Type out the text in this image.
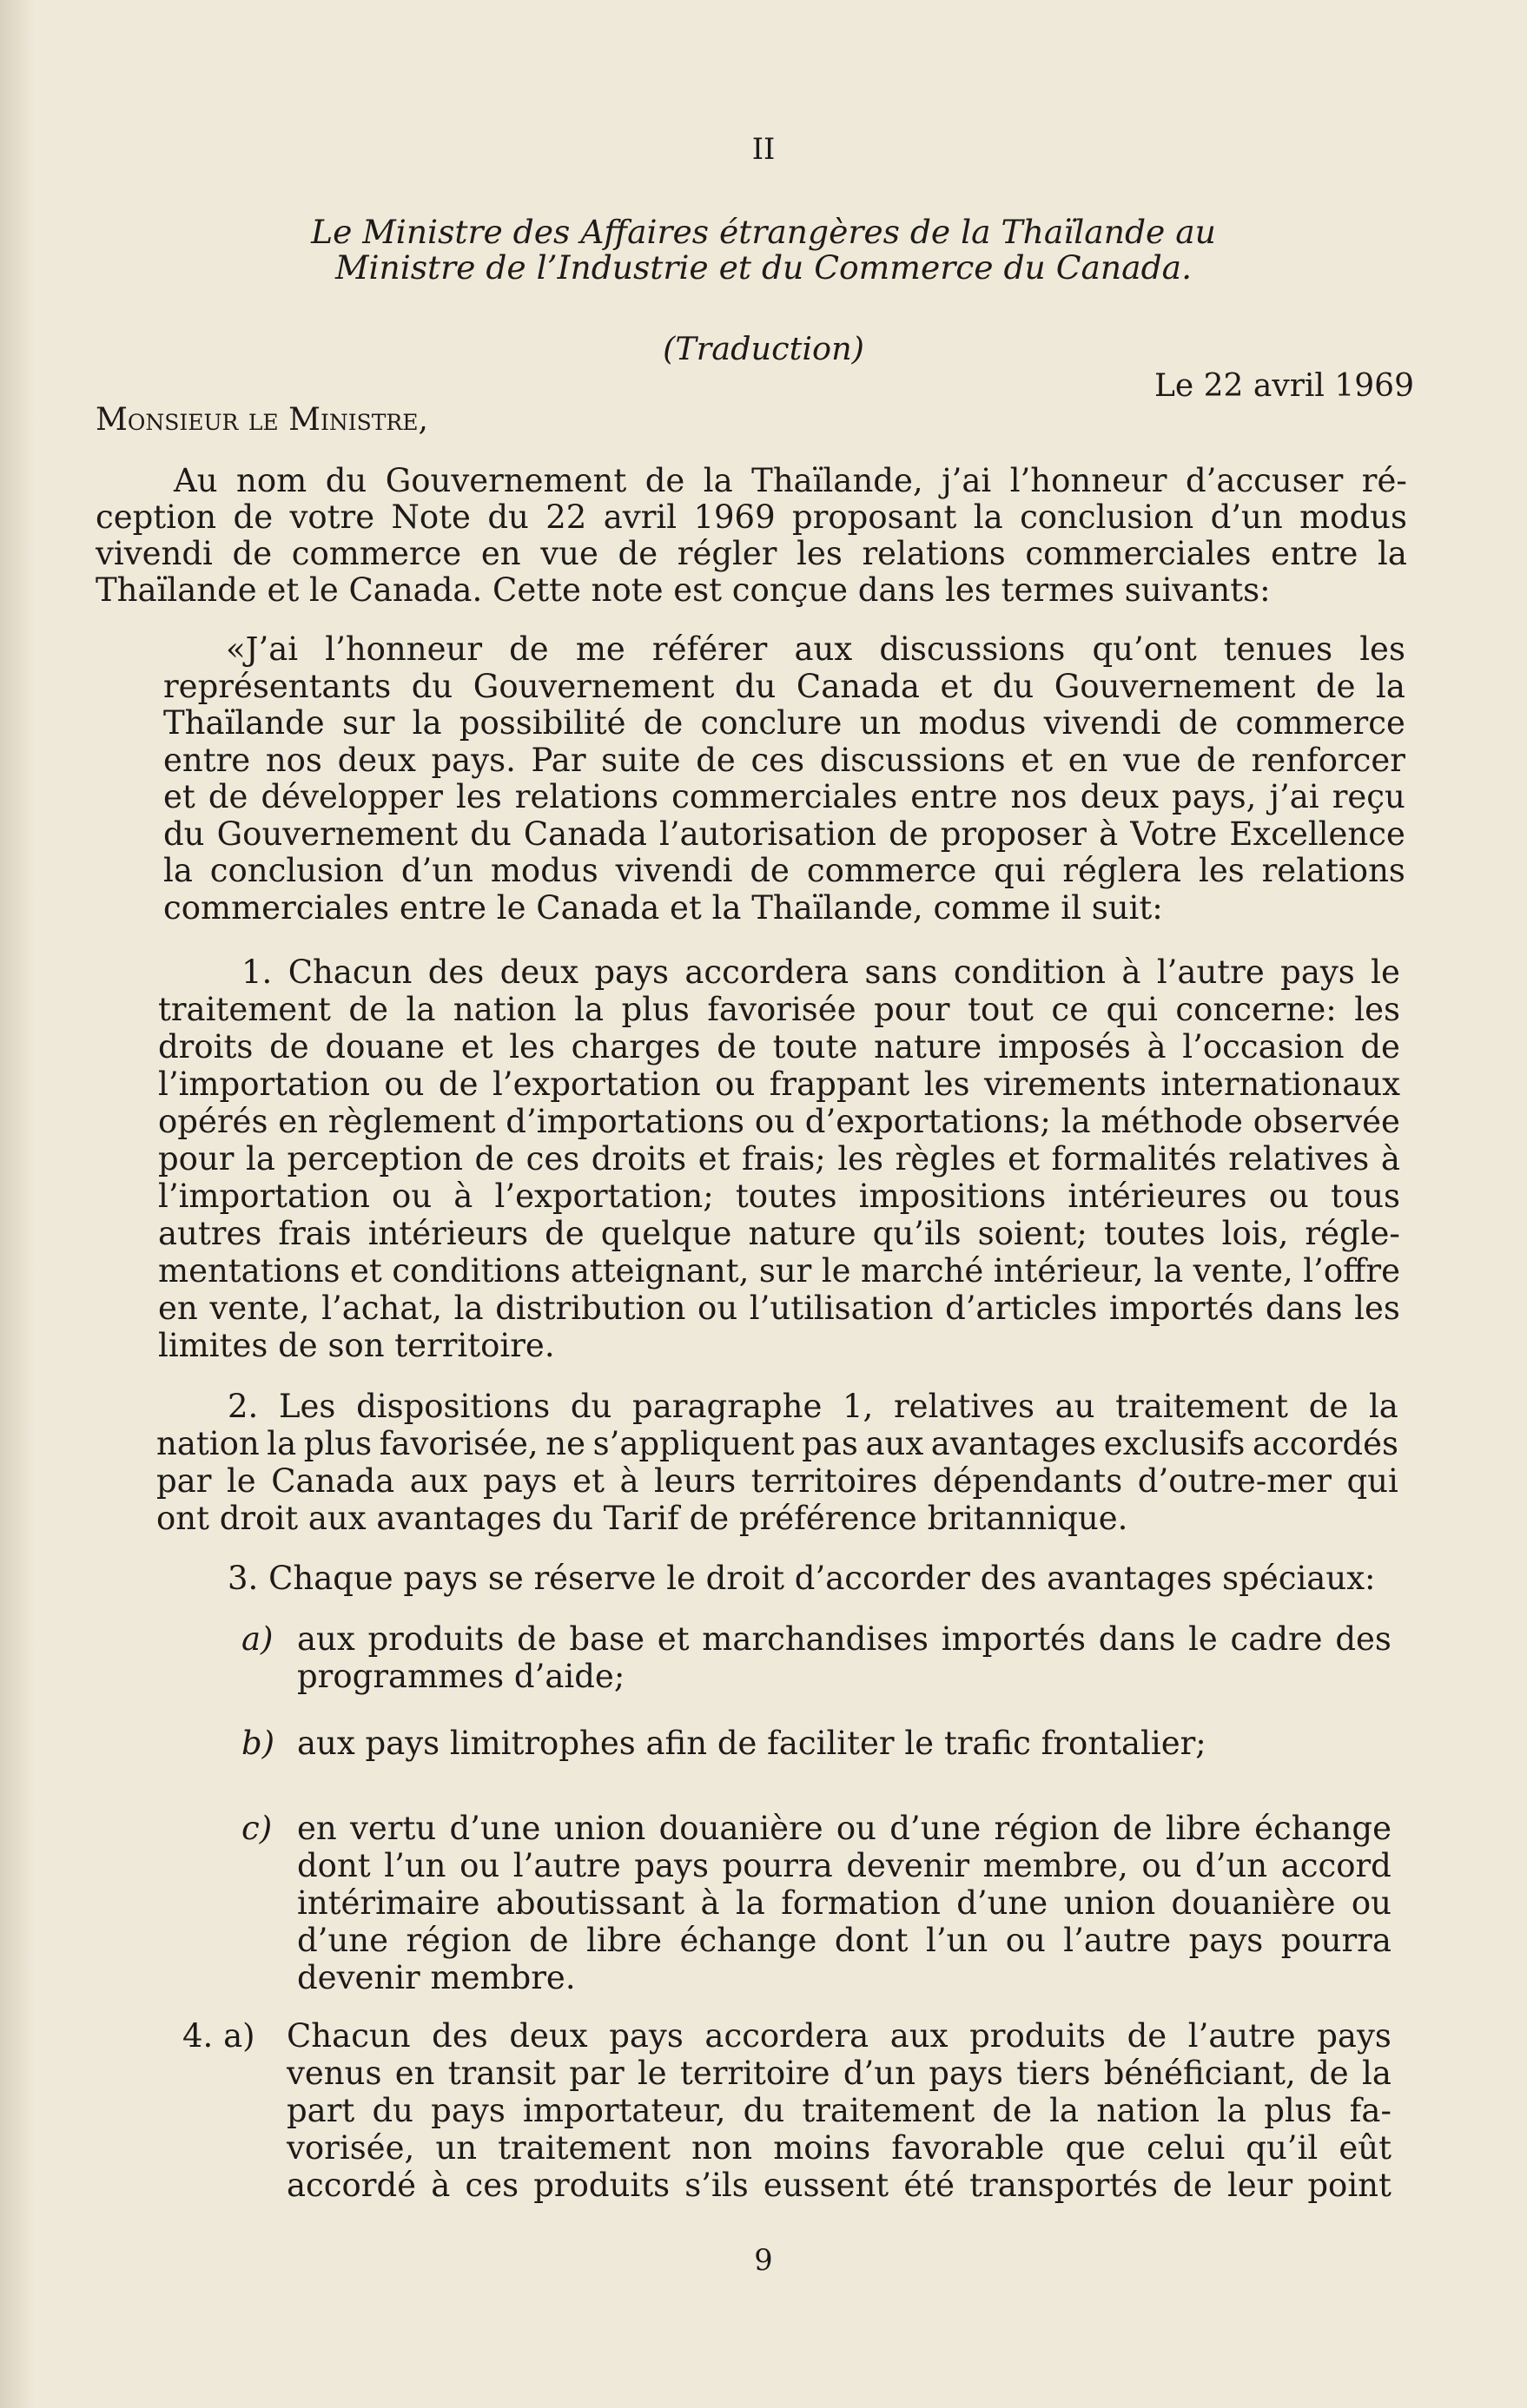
II
Le Ministre des Affaires étrangères de la Thaïlande au
Ministre de l’Industrie et du Commerce du Canada.
(Traduction)
Le 22 avril 1969
Monsieur le Ministre,
Au nom du Gouvernement de la Thaïlande, j’ai l’honneur d’accuser ré-
ception de votre Note du 22 avril 1969 proposant la conclusion d’un modus
vivendi de commerce en vue de régler les relations commerciales entre la
Thaïlande et le Canada. Cette note est conçue dans les termes suivants:
«J’ai l’honneur de me référer aux discussions qu’ont tenues les
représentants du Gouvernement du Canada et du Gouvernement de la
Thaïlande sur la possibilité de conclure un modus vivendi de commerce
entre nos deux pays. Par suite de ces discussions et en vue de renforcer
et de développer les relations commerciales entre nos deux pays, j’ai reçu
du Gouvernement du Canada l’autorisation de proposer à Votre Excellence
la conclusion d’un modus vivendi de commerce qui réglera les relations
commerciales entre le Canada et la Thaïlande, comme il suit:
1. Chacun des deux pays accordera sans condition à l’autre pays le
traitement de la nation la plus favorisée pour tout ce qui concerne: les
droits de douane et les charges de toute nature imposés à l’occasion de
l’importation ou de l’exportation ou frappant les virements internationaux
opérés en règlement d’importations ou d’exportations; la méthode observée
pour la perception de ces droits et frais; les règles et formalités relatives à
l’importation ou à l’exportation; toutes impositions intérieures ou tous
autres frais intérieurs de quelque nature qu’ils soient; toutes lois, régle-
mentations et conditions atteignant, sur le marché intérieur, la vente, l’offre
en vente, l’achat, la distribution ou l’utilisation d’articles importés dans les
limites de son territoire.
2. Les dispositions du paragraphe 1, relatives au traitement de la
nation la plus favorisée, ne s’appliquent pas aux avantages exclusifs accordés
par le Canada aux pays et à leurs territoires dépendants d’outre-mer qui
ont droit aux avantages du Tarif de préférence britannique.
3. Chaque pays se réserve le droit d’accorder des avantages spéciaux:
a) aux produits de base et marchandises importés dans le cadre des
programmes d’aide;
b) aux pays limitrophes afin de faciliter le trafic frontalier;
c) en vertu d’une union douanière ou d’une région de libre échange
dont l’un ou l’autre pays pourra devenir membre, ou d’un accord
intérimaire aboutissant à la formation d’une union douanière ou
d’une région de libre échange dont l’un ou l’autre pays pourra
devenir membre.
4. a) Chacun des deux pays accordera aux produits de l’autre pays
venus en transit par le territoire d’un pays tiers bénéficiant, de la
part du pays importateur, du traitement de la nation la plus fa-
vorisée, un traitement non moins favorable que celui qu’il eût
accordé à ces produits s’ils eussent été transportés de leur point
9
